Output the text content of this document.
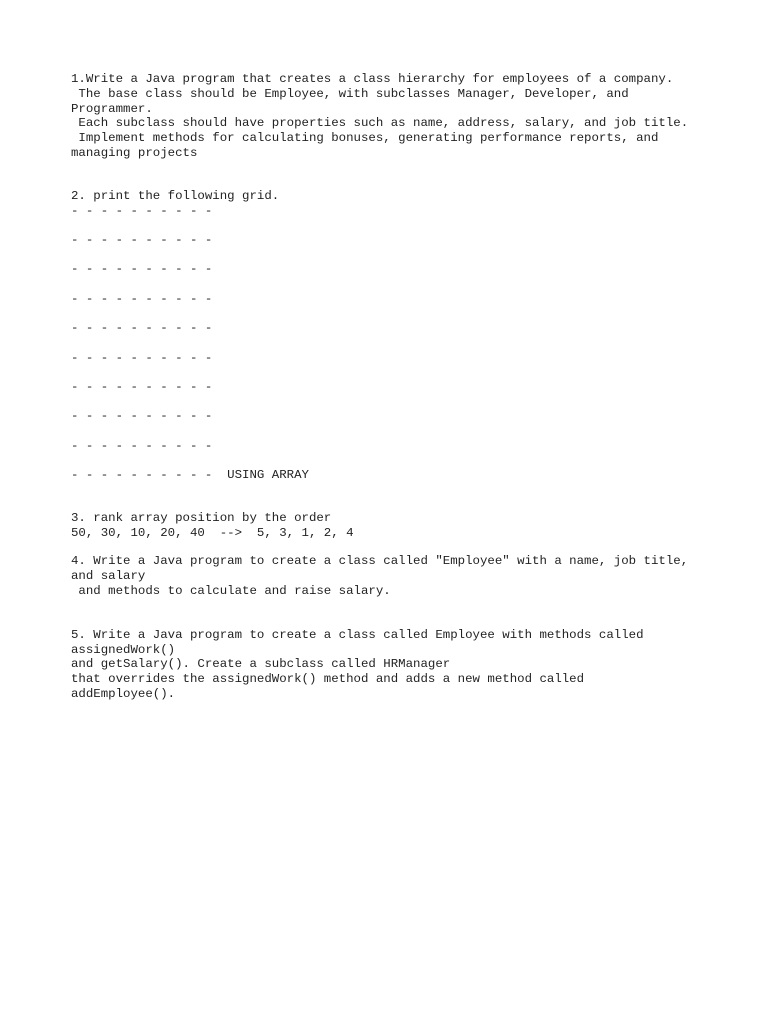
1.Write a Java program that creates a class hierarchy for employees of a company.
The base class should be Employee, with subclasses Manager, Developer, and
Programmer.
Each subclass should have properties such as name, address, salary, and job title.
Implement methods for calculating bonuses, generating performance reports, and
managing projects
2. print the following grid.
- - - - - - - - - -
- - - - - - - - - -
- - - - - - - - - -
- - - - - - - - - -
- - - - - - - - - -
- - - - - - - - - -
- - - - - - - - - -
- - - - - - - - - -
- - - - - - - - - -
- - - - - - - - - -  USING ARRAY
3. rank array position by the order
50, 30, 10, 20, 40  -->  5, 3, 1, 2, 4
4. Write a Java program to create a class called "Employee" with a name, job title,
and salary
and methods to calculate and raise salary.
5. Write a Java program to create a class called Employee with methods called
assignedWork()
and getSalary(). Create a subclass called HRManager
that overrides the assignedWork() method and adds a new method called
addEmployee().
